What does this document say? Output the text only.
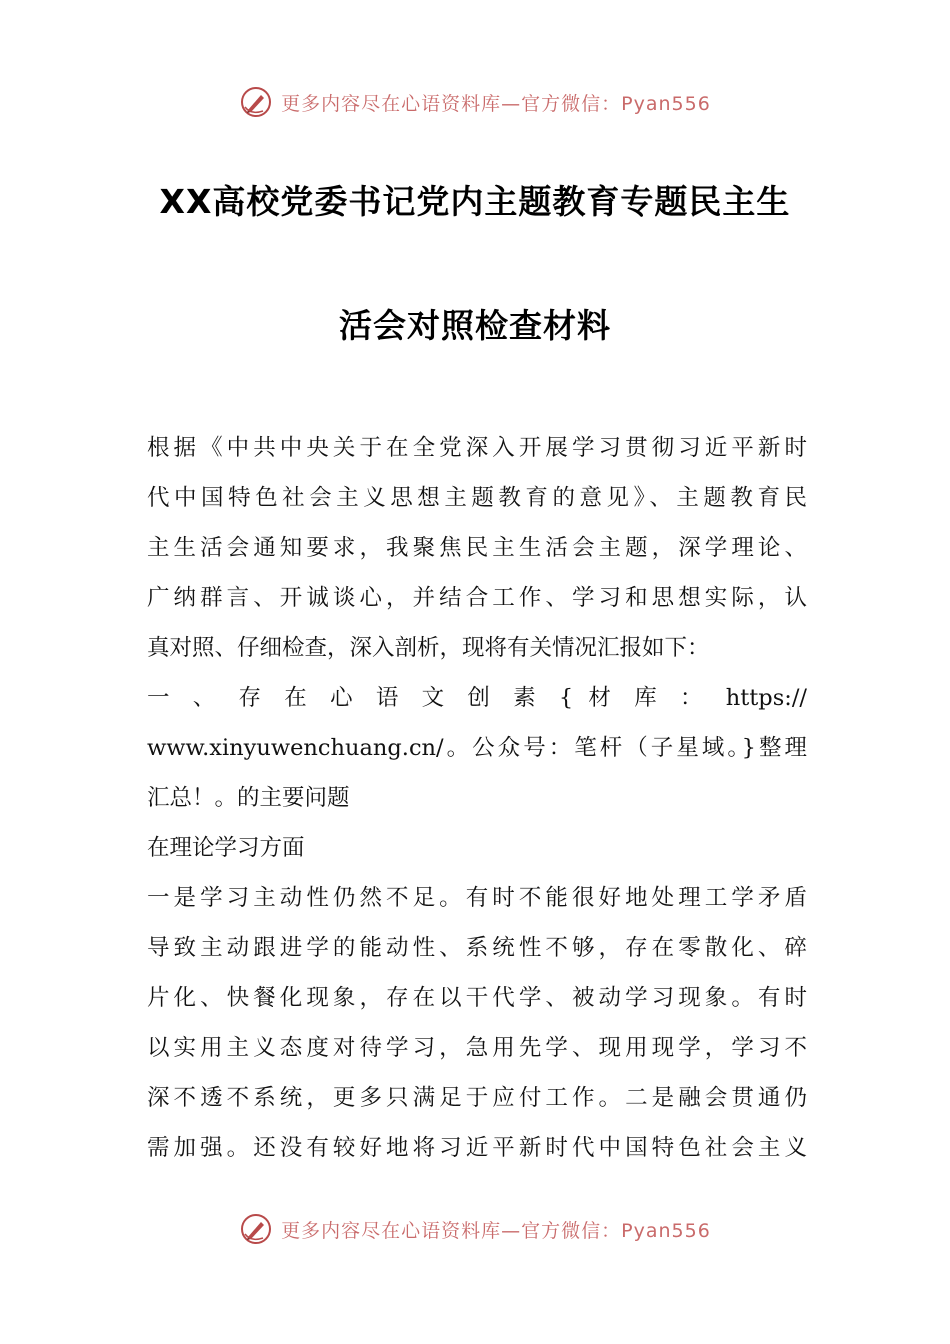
更多内容尽在心语资料库—官方微信：Pyan556
XX高校党委书记党内主题教育专题民主生
活会对照检查材料
根据《中共中央关于在全党深入开展学习贯彻习近平新时
代中国特色社会主义思想主题教育的意见》、主题教育民
主生活会通知要求，我聚焦民主生活会主题，深学理论、
广纳群言、开诚谈心，并结合工作、学习和思想实际，认
真对照、仔细检查，深入剖析，现将有关情况汇报如下：
一 、 存 在 心 语 文 创 素 { 材 库 ： https://
www.xinyuwenchuang.cn/。公众号：笔杆（子星域。}整理
汇总！。的主要问题
在理论学习方面
一是学习主动性仍然不足。有时不能很好地处理工学矛盾
导致主动跟进学的能动性、系统性不够，存在零散化、碎
片化、快餐化现象，存在以干代学、被动学习现象。有时
以实用主义态度对待学习，急用先学、现用现学，学习不
深不透不系统，更多只满足于应付工作。二是融会贯通仍
需加强。还没有较好地将习近平新时代中国特色社会主义
更多内容尽在心语资料库—官方微信：Pyan556
